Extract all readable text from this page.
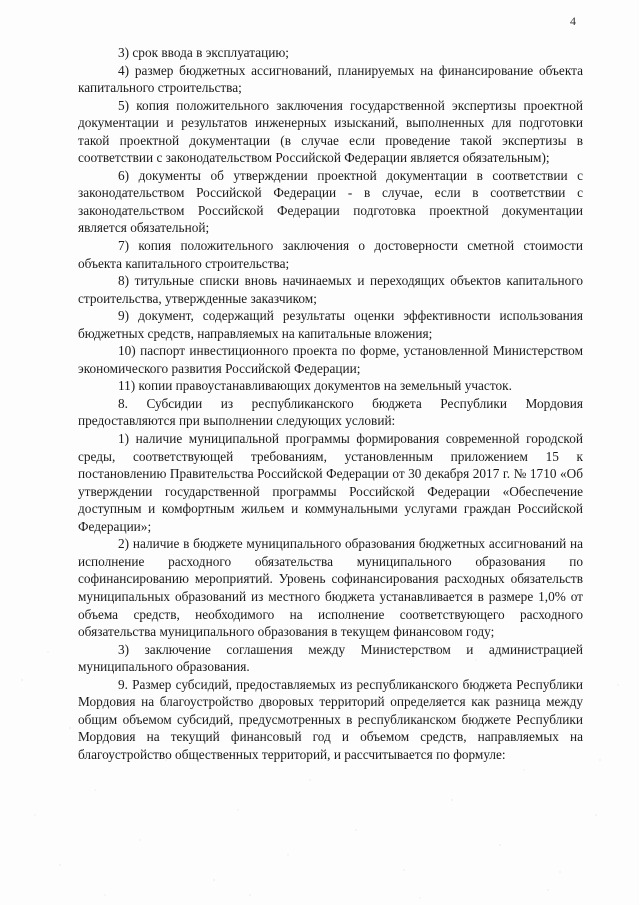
4

3) срок ввода в эксплуатацию;

4) размер бюджетных ассигнований, планируемых на финансирование объекта капитального строительства;

5) копия положительного заключения государственной экспертизы проектной документации и результатов инженерных изысканий, выполненных для подготовки такой проектной документации (в случае если проведение такой экспертизы в соответствии с законодательством Российской Федерации является обязательным);

6) документы об утверждении проектной документации в соответствии с законодательством Российской Федерации - в случае, если в соответствии с законодательством Российской Федерации подготовка проектной документации является обязательной;

7) копия положительного заключения о достоверности сметной стоимости объекта капитального строительства;

8) титульные списки вновь начинаемых и переходящих объектов капитального строительства, утвержденные заказчиком;

9) документ, содержащий результаты оценки эффективности использования бюджетных средств, направляемых на капитальные вложения;

10) паспорт инвестиционного проекта по форме, установленной Министерством экономического развития Российской Федерации;

11) копии правоустанавливающих документов на земельный участок.

8. Субсидии из республиканского бюджета Республики Мордовия предоставляются при выполнении следующих условий:

1) наличие муниципальной программы формирования современной городской среды, соответствующей требованиям, установленным приложением 15 к постановлению Правительства Российской Федерации от 30 декабря 2017 г. № 1710 «Об утверждении государственной программы Российской Федерации «Обеспечение доступным и комфортным жильем и коммунальными услугами граждан Российской Федерации»;

2) наличие в бюджете муниципального образования бюджетных ассигнований на исполнение расходного обязательства муниципального образования по софинансированию мероприятий. Уровень софинансирования расходных обязательств муниципальных образований из местного бюджета устанавливается в размере 1,0% от объема средств, необходимого на исполнение соответствующего расходного обязательства муниципального образования в текущем финансовом году;

3) заключение соглашения между Министерством и администрацией муниципального образования.

9. Размер субсидий, предоставляемых из республиканского бюджета Республики Мордовия на благоустройство дворовых территорий определяется как разница между общим объемом субсидий, предусмотренных в республиканском бюджете Республики Мордовия на текущий финансовый год и объемом средств, направляемых на благоустройство общественных территорий, и рассчитывается по формуле:
